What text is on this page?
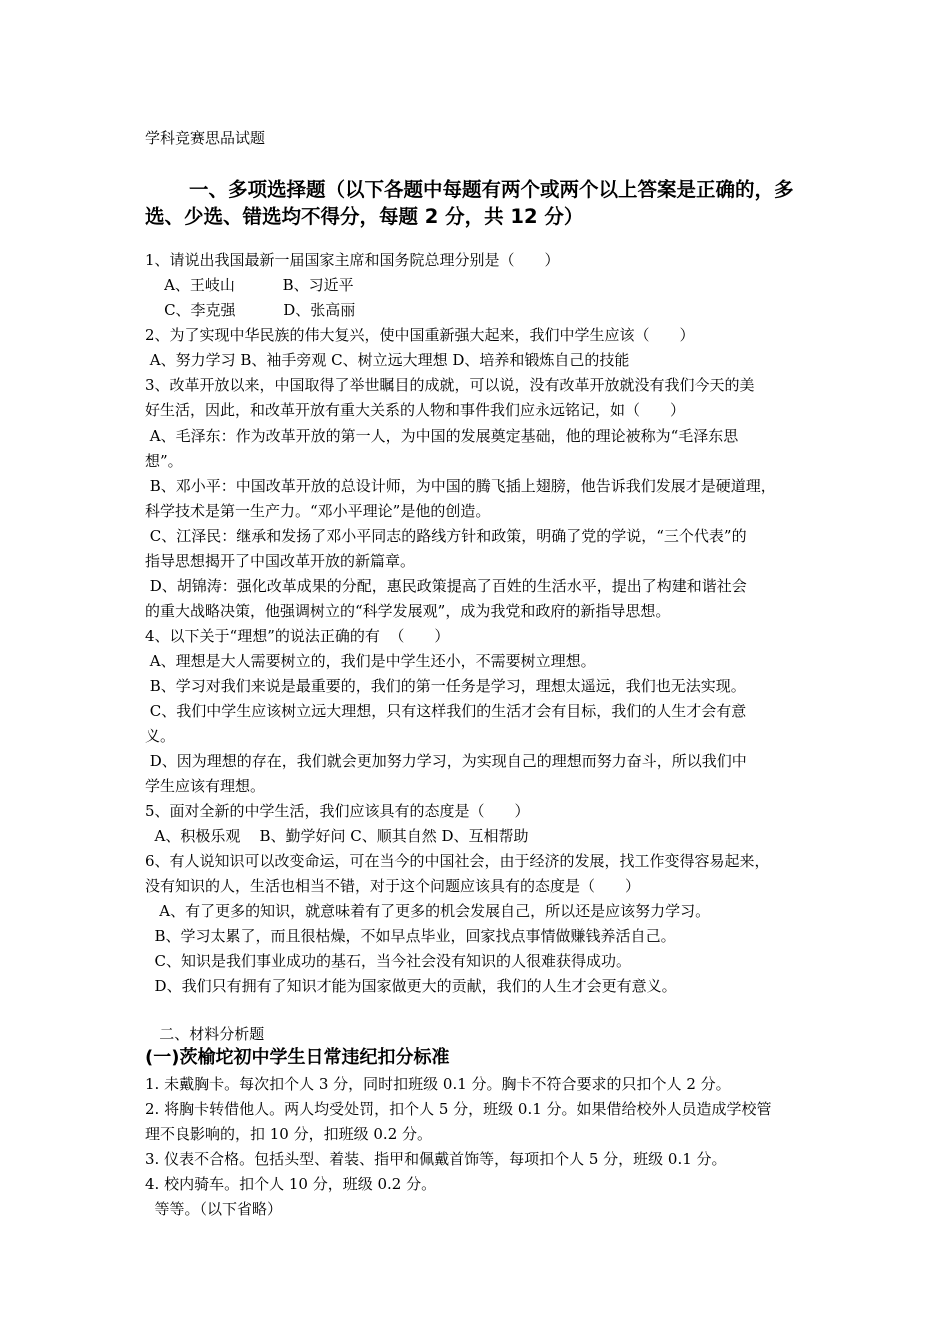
学科竞赛思品试题
一、多项选择题（以下各题中每题有两个或两个以上答案是正确的，多选、少选、错选均不得分，每题 2 分，共 12 分）
1、请说出我国最新一届国家主席和国务院总理分别是（　　）
A、王岐山          B、习近平
C、李克强          D、张高丽
2、为了实现中华民族的伟大复兴，使中国重新强大起来，我们中学生应该（　　）
A、努力学习 B、袖手旁观 C、树立远大理想 D、培养和锻炼自己的技能
3、改革开放以来，中国取得了举世瞩目的成就，可以说，没有改革开放就没有我们今天的美
好生活，因此，和改革开放有重大关系的人物和事件我们应永远铭记，如（　　）
A、毛泽东：作为改革开放的第一人，为中国的发展奠定基础，他的理论被称为“毛泽东思
想”。
B、邓小平：中国改革开放的总设计师，为中国的腾飞插上翅膀，他告诉我们发展才是硬道理，
科学技术是第一生产力。“邓小平理论”是他的创造。
C、江泽民：继承和发扬了邓小平同志的路线方针和政策，明确了党的学说，“三个代表”的
指导思想揭开了中国改革开放的新篇章。
D、胡锦涛：强化改革成果的分配，惠民政策提高了百姓的生活水平，提出了构建和谐社会
的重大战略决策，他强调树立的“科学发展观”，成为我党和政府的新指导思想。
4、以下关于“理想”的说法正确的有  （　　）
A、理想是大人需要树立的，我们是中学生还小，不需要树立理想。
B、学习对我们来说是最重要的，我们的第一任务是学习，理想太遥远，我们也无法实现。
C、我们中学生应该树立远大理想，只有这样我们的生活才会有目标，我们的人生才会有意
义。
D、因为理想的存在，我们就会更加努力学习，为实现自己的理想而努力奋斗，所以我们中
学生应该有理想。
5、面对全新的中学生活，我们应该具有的态度是（　　）
A、积极乐观    B、勤学好问 C、顺其自然 D、互相帮助
6、有人说知识可以改变命运，可在当今的中国社会，由于经济的发展，找工作变得容易起来，
没有知识的人，生活也相当不错，对于这个问题应该具有的态度是（　　）
A、有了更多的知识，就意味着有了更多的机会发展自己，所以还是应该努力学习。
B、学习太累了，而且很枯燥，不如早点毕业，回家找点事情做赚钱养活自己。
C、知识是我们事业成功的基石，当今社会没有知识的人很难获得成功。
D、我们只有拥有了知识才能为国家做更大的贡献，我们的人生才会更有意义。
二、材料分析题
(一)茨榆坨初中学生日常违纪扣分标准
1. 未戴胸卡。每次扣个人 3 分，同时扣班级 0.1 分。胸卡不符合要求的只扣个人 2 分。
2. 将胸卡转借他人。两人均受处罚，扣个人 5 分，班级 0.1 分。如果借给校外人员造成学校管
理不良影响的，扣 10 分，扣班级 0.2 分。
3. 仪表不合格。包括头型、着装、指甲和佩戴首饰等，每项扣个人 5 分，班级 0.1 分。
4. 校内骑车。扣个人 10 分，班级 0.2 分。
等等。（以下省略）
